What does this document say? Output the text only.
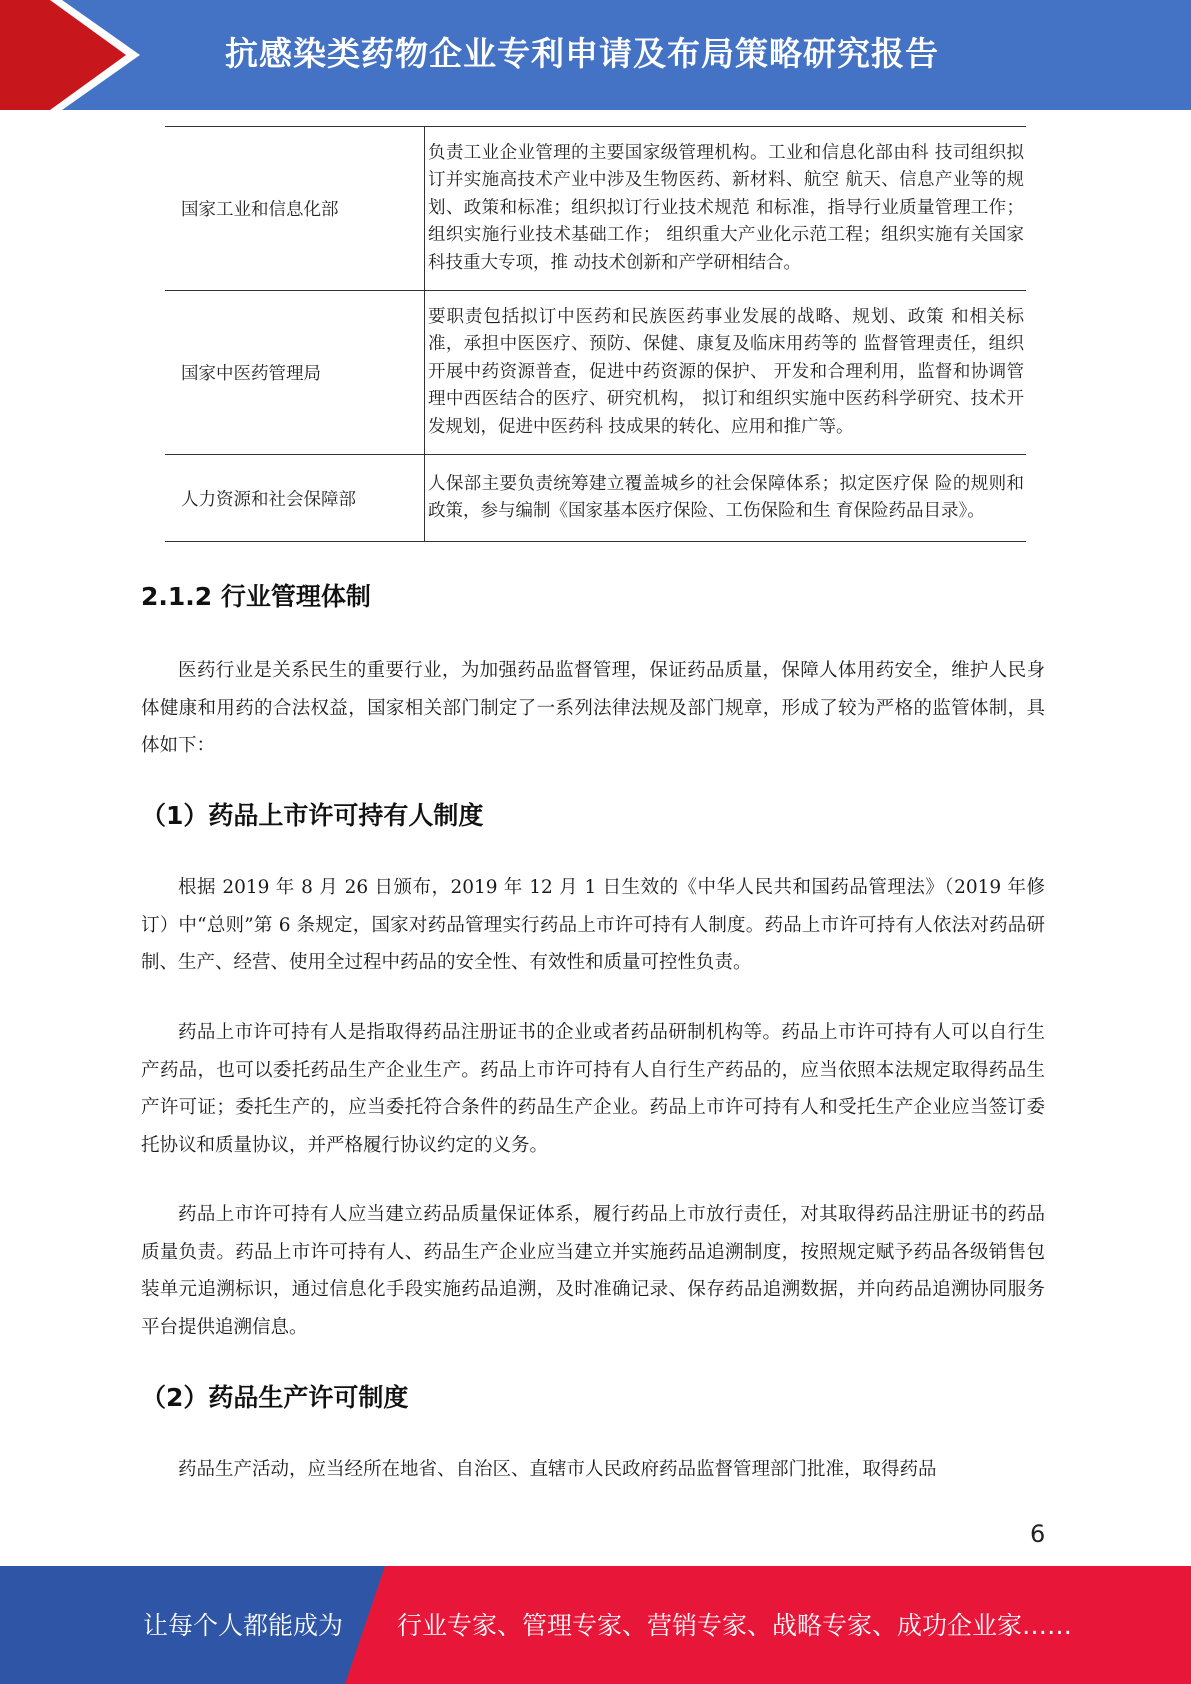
抗感染类药物企业专利申请及布局策略研究报告
国家工业和信息化部	负责工业企业管理的主要国家级管理机构。工业和信息化部由科 技司组织拟订并实施高技术产业中涉及生物医药、新材料、航空 航天、信息产业等的规划、政策和标准；组织拟订行业技术规范 和标准，指导行业质量管理工作；组织实施行业技术基础工作； 组织重大产业化示范工程；组织实施有关国家科技重大专项，推 动技术创新和产学研相结合。
国家中医药管理局	要职责包括拟订中医药和民族医药事业发展的战略、规划、政策 和相关标准，承担中医医疗、预防、保健、康复及临床用药等的 监督管理责任，组织开展中药资源普查，促进中药资源的保护、 开发和合理利用，监督和协调管理中西医结合的医疗、研究机构， 拟订和组织实施中医药科学研究、技术开发规划，促进中医药科 技成果的转化、应用和推广等。
人力资源和社会保障部	人保部主要负责统筹建立覆盖城乡的社会保障体系；拟定医疗保 险的规则和政策，参与编制《国家基本医疗保险、工伤保险和生 育保险药品目录》。
2.1.2 行业管理体制

医药行业是关系民生的重要行业，为加强药品监督管理，保证药品质量，保障人体用药安全，维护人民身体健康和用药的合法权益，国家相关部门制定了一系列法律法规及部门规章，形成了较为严格的监管体制，具体如下：

（1）药品上市许可持有人制度

根据 2019 年 8 月 26 日颁布，2019 年 12 月 1 日生效的《中华人民共和国药品管理法》（2019 年修订）中“总则”第 6 条规定，国家对药品管理实行药品上市许可持有人制度。药品上市许可持有人依法对药品研制、生产、经营、使用全过程中药品的安全性、有效性和质量可控性负责。

药品上市许可持有人是指取得药品注册证书的企业或者药品研制机构等。药品上市许可持有人可以自行生产药品，也可以委托药品生产企业生产。药品上市许可持有人自行生产药品的，应当依照本法规定取得药品生产许可证；委托生产的，应当委托符合条件的药品生产企业。药品上市许可持有人和受托生产企业应当签订委托协议和质量协议，并严格履行协议约定的义务。

药品上市许可持有人应当建立药品质量保证体系，履行药品上市放行责任，对其取得药品注册证书的药品质量负责。药品上市许可持有人、药品生产企业应当建立并实施药品追溯制度，按照规定赋予药品各级销售包装单元追溯标识，通过信息化手段实施药品追溯，及时准确记录、保存药品追溯数据，并向药品追溯协同服务平台提供追溯信息。

（2）药品生产许可制度

药品生产活动，应当经所在地省、自治区、直辖市人民政府药品监督管理部门批准，取得药品

6
让每个人都能成为 行业专家、管理专家、营销专家、战略专家、成功企业家……
